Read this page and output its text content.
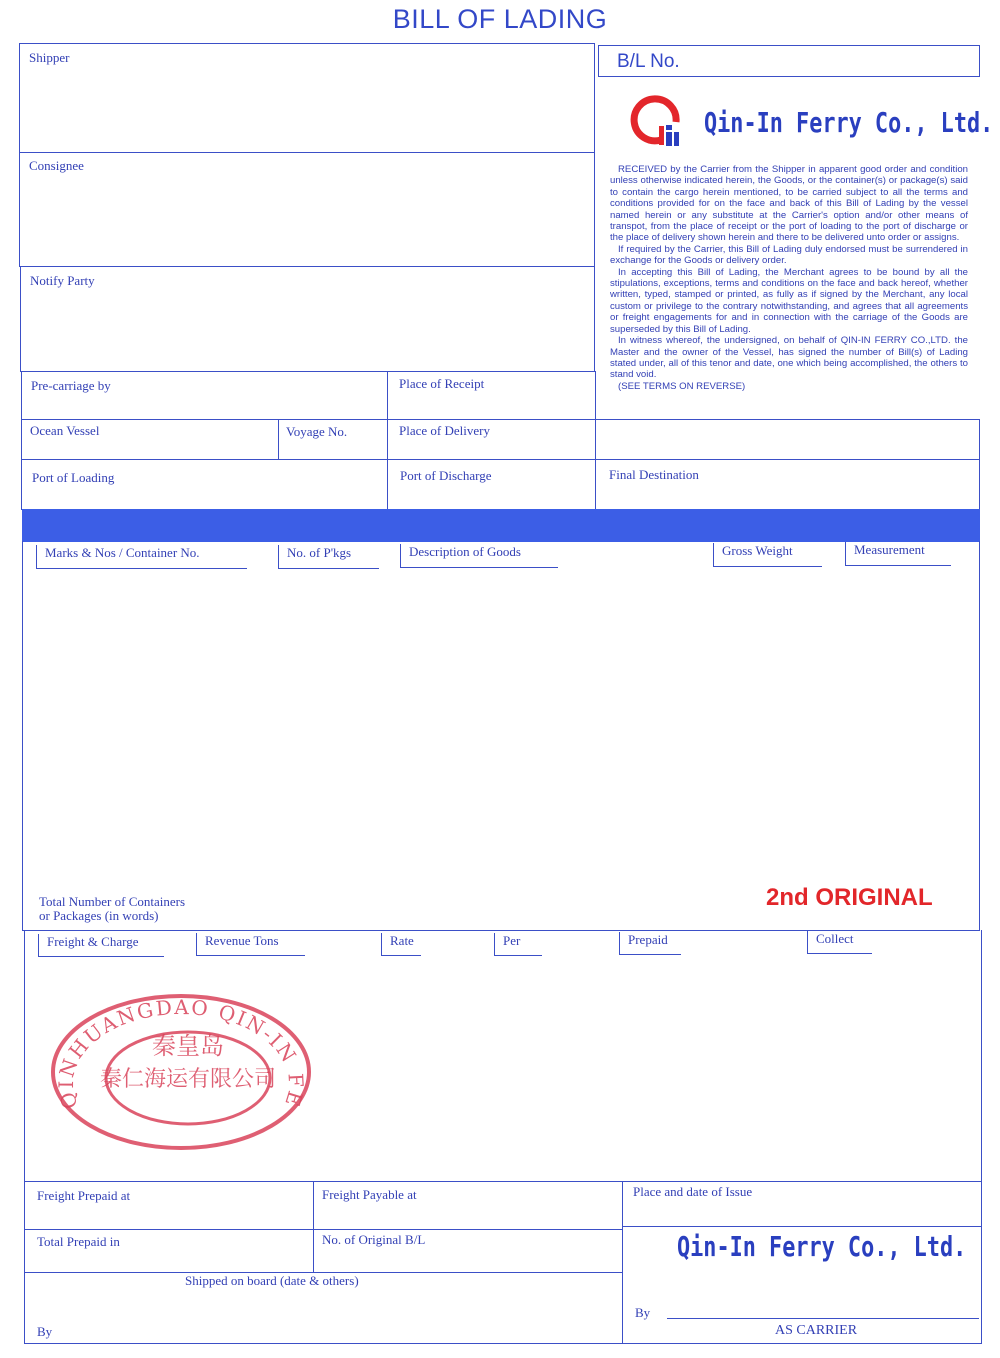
BILL OF LADING
Shipper
Consignee
Notify Party
Pre-carriage by	Place of Receipt
Ocean Vessel	Voyage No.	Place of Delivery
Port of Loading	Port of Discharge	Final Destination
B/L No.
Qin-In Ferry Co., Ltd.

RECEIVED by the Carrier from the Shipper in apparent good order and condition unless otherwise indicated herein, the Goods, or the container(s) or package(s) said to contain the cargo herein mentioned, to be carried subject to all the terms and conditions provided for on the face and back of this Bill of Lading by the vessel named herein or any substitute at the Carrier's option and/or other means of transpot, from the place of receipt or the port of loading to the port of discharge or the place of delivery shown herein and there to be delivered unto order or assigns.

If required by the Carrier, this Bill of Lading duly endorsed must be surrendered in exchange for the Goods or delivery order.

In accepting this Bill of Lading, the Merchant agrees to be bound by all the stipulations, exceptions, terms and conditions on the face and back hereof, whether written, typed, stamped or printed, as fully as if signed by the Merchant, any local custom or privilege to the contrary notwithstanding, and agrees that all agreements or freight engagements for and in connection with the carriage of the Goods are superseded by this Bill of Lading.

In witness whereof, the undersigned, on behalf of QIN-IN FERRY CO.,LTD. the Master and the owner of the Vessel, has signed the number of Bill(s) of Lading stated under, all of this tenor and date, one which being accomplished, the others to stand void.

(SEE TERMS ON REVERSE)

Marks & Nos / Container No.	No. of P'kgs	Description of Goods	Gross Weight	Measurement
Total Number of Containers
or Packages (in words)
2nd ORIGINAL
Freight & Charge	Revenue Tons	Rate	Per	Prepaid	Collect
QINHUANGDAO QIN-IN FE
秦皇岛
秦仁海运有限公司
Freight Prepaid at	Freight Payable at	Place and date of Issue
Total Prepaid in	No. of Original B/L
Shipped on board (date & others)
By
Qin-In Ferry Co., Ltd.
By
AS CARRIER
